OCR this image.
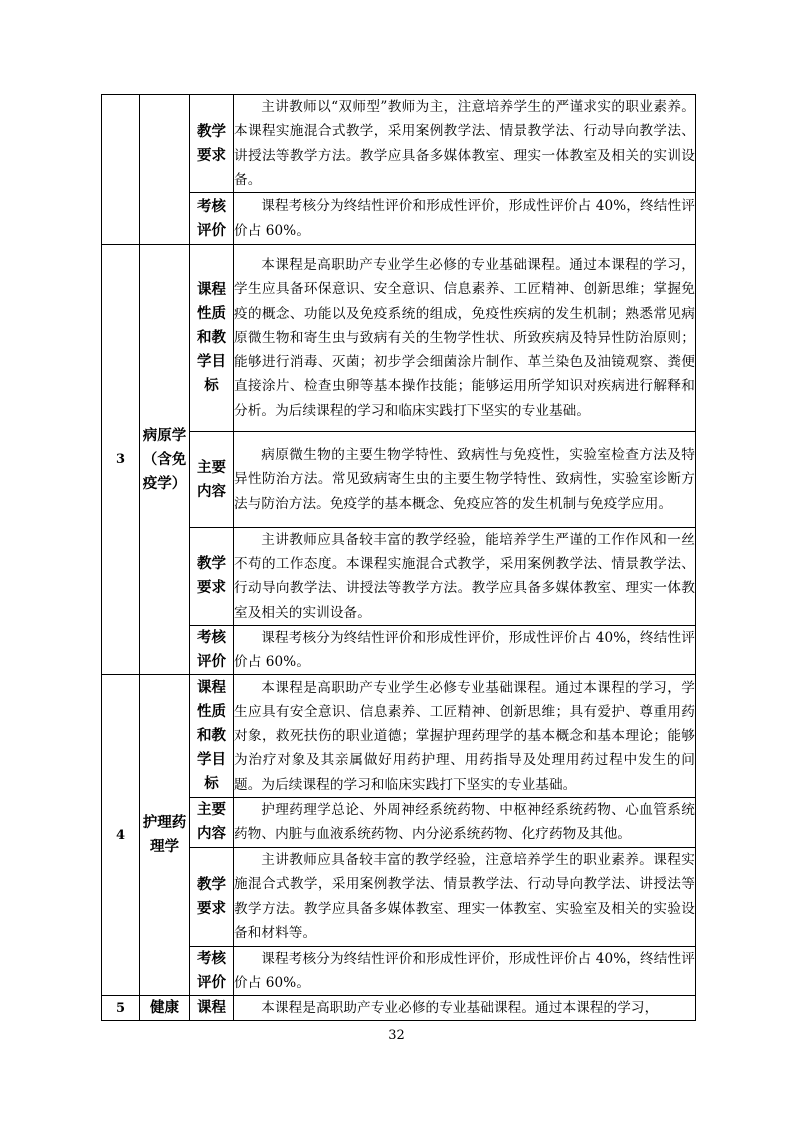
		教学要求	主讲教师以“双师型”教师为主，注意培养学生的严谨求实的职业素养。本课程实施混合式教学，采用案例教学法、情景教学法、行动导向教学法、讲授法等教学方法。教学应具备多媒体教室、理实一体教室及相关的实训设备。
		考核评价	课程考核分为终结性评价和形成性评价，形成性评价占 40%，终结性评价占 60%。
3	病原学（含免疫学）	课程性质和教学目标	本课程是高职助产专业学生必修的专业基础课程。通过本课程的学习，学生应具备环保意识、安全意识、信息素养、工匠精神、创新思维；掌握免疫的概念、功能以及免疫系统的组成，免疫性疾病的发生机制；熟悉常见病原微生物和寄生虫与致病有关的生物学性状、所致疾病及特异性防治原则；能够进行消毒、灭菌；初步学会细菌涂片制作、革兰染色及油镜观察、粪便直接涂片、检查虫卵等基本操作技能；能够运用所学知识对疾病进行解释和分析。为后续课程的学习和临床实践打下坚实的专业基础。
		主要内容	病原微生物的主要生物学特性、致病性与免疫性，实验室检查方法及特异性防治方法。常见致病寄生虫的主要生物学特性、致病性，实验室诊断方法与防治方法。免疫学的基本概念、免疫应答的发生机制与免疫学应用。
		教学要求	主讲教师应具备较丰富的教学经验，能培养学生严谨的工作作风和一丝不苟的工作态度。本课程实施混合式教学，采用案例教学法、情景教学法、行动导向教学法、讲授法等教学方法。教学应具备多媒体教室、理实一体教室及相关的实训设备。
		考核评价	课程考核分为终结性评价和形成性评价，形成性评价占 40%，终结性评价占 60%。
4	护理药理学	课程性质和教学目标	本课程是高职助产专业学生必修专业基础课程。通过本课程的学习，学生应具有安全意识、信息素养、工匠精神、创新思维；具有爱护、尊重用药对象，救死扶伤的职业道德；掌握护理药理学的基本概念和基本理论；能够为治疗对象及其亲属做好用药护理、用药指导及处理用药过程中发生的问题。为后续课程的学习和临床实践打下坚实的专业基础。
		主要内容	护理药理学总论、外周神经系统药物、中枢神经系统药物、心血管系统药物、内脏与血液系统药物、内分泌系统药物、化疗药物及其他。
		教学要求	主讲教师应具备较丰富的教学经验，注意培养学生的职业素养。课程实施混合式教学，采用案例教学法、情景教学法、行动导向教学法、讲授法等教学方法。教学应具备多媒体教室、理实一体教室、实验室及相关的实验设备和材料等。
		考核评价	课程考核分为终结性评价和形成性评价，形成性评价占 40%，终结性评价占 60%。
5	健康	课程	本课程是高职助产专业必修的专业基础课程。通过本课程的学习，
32
